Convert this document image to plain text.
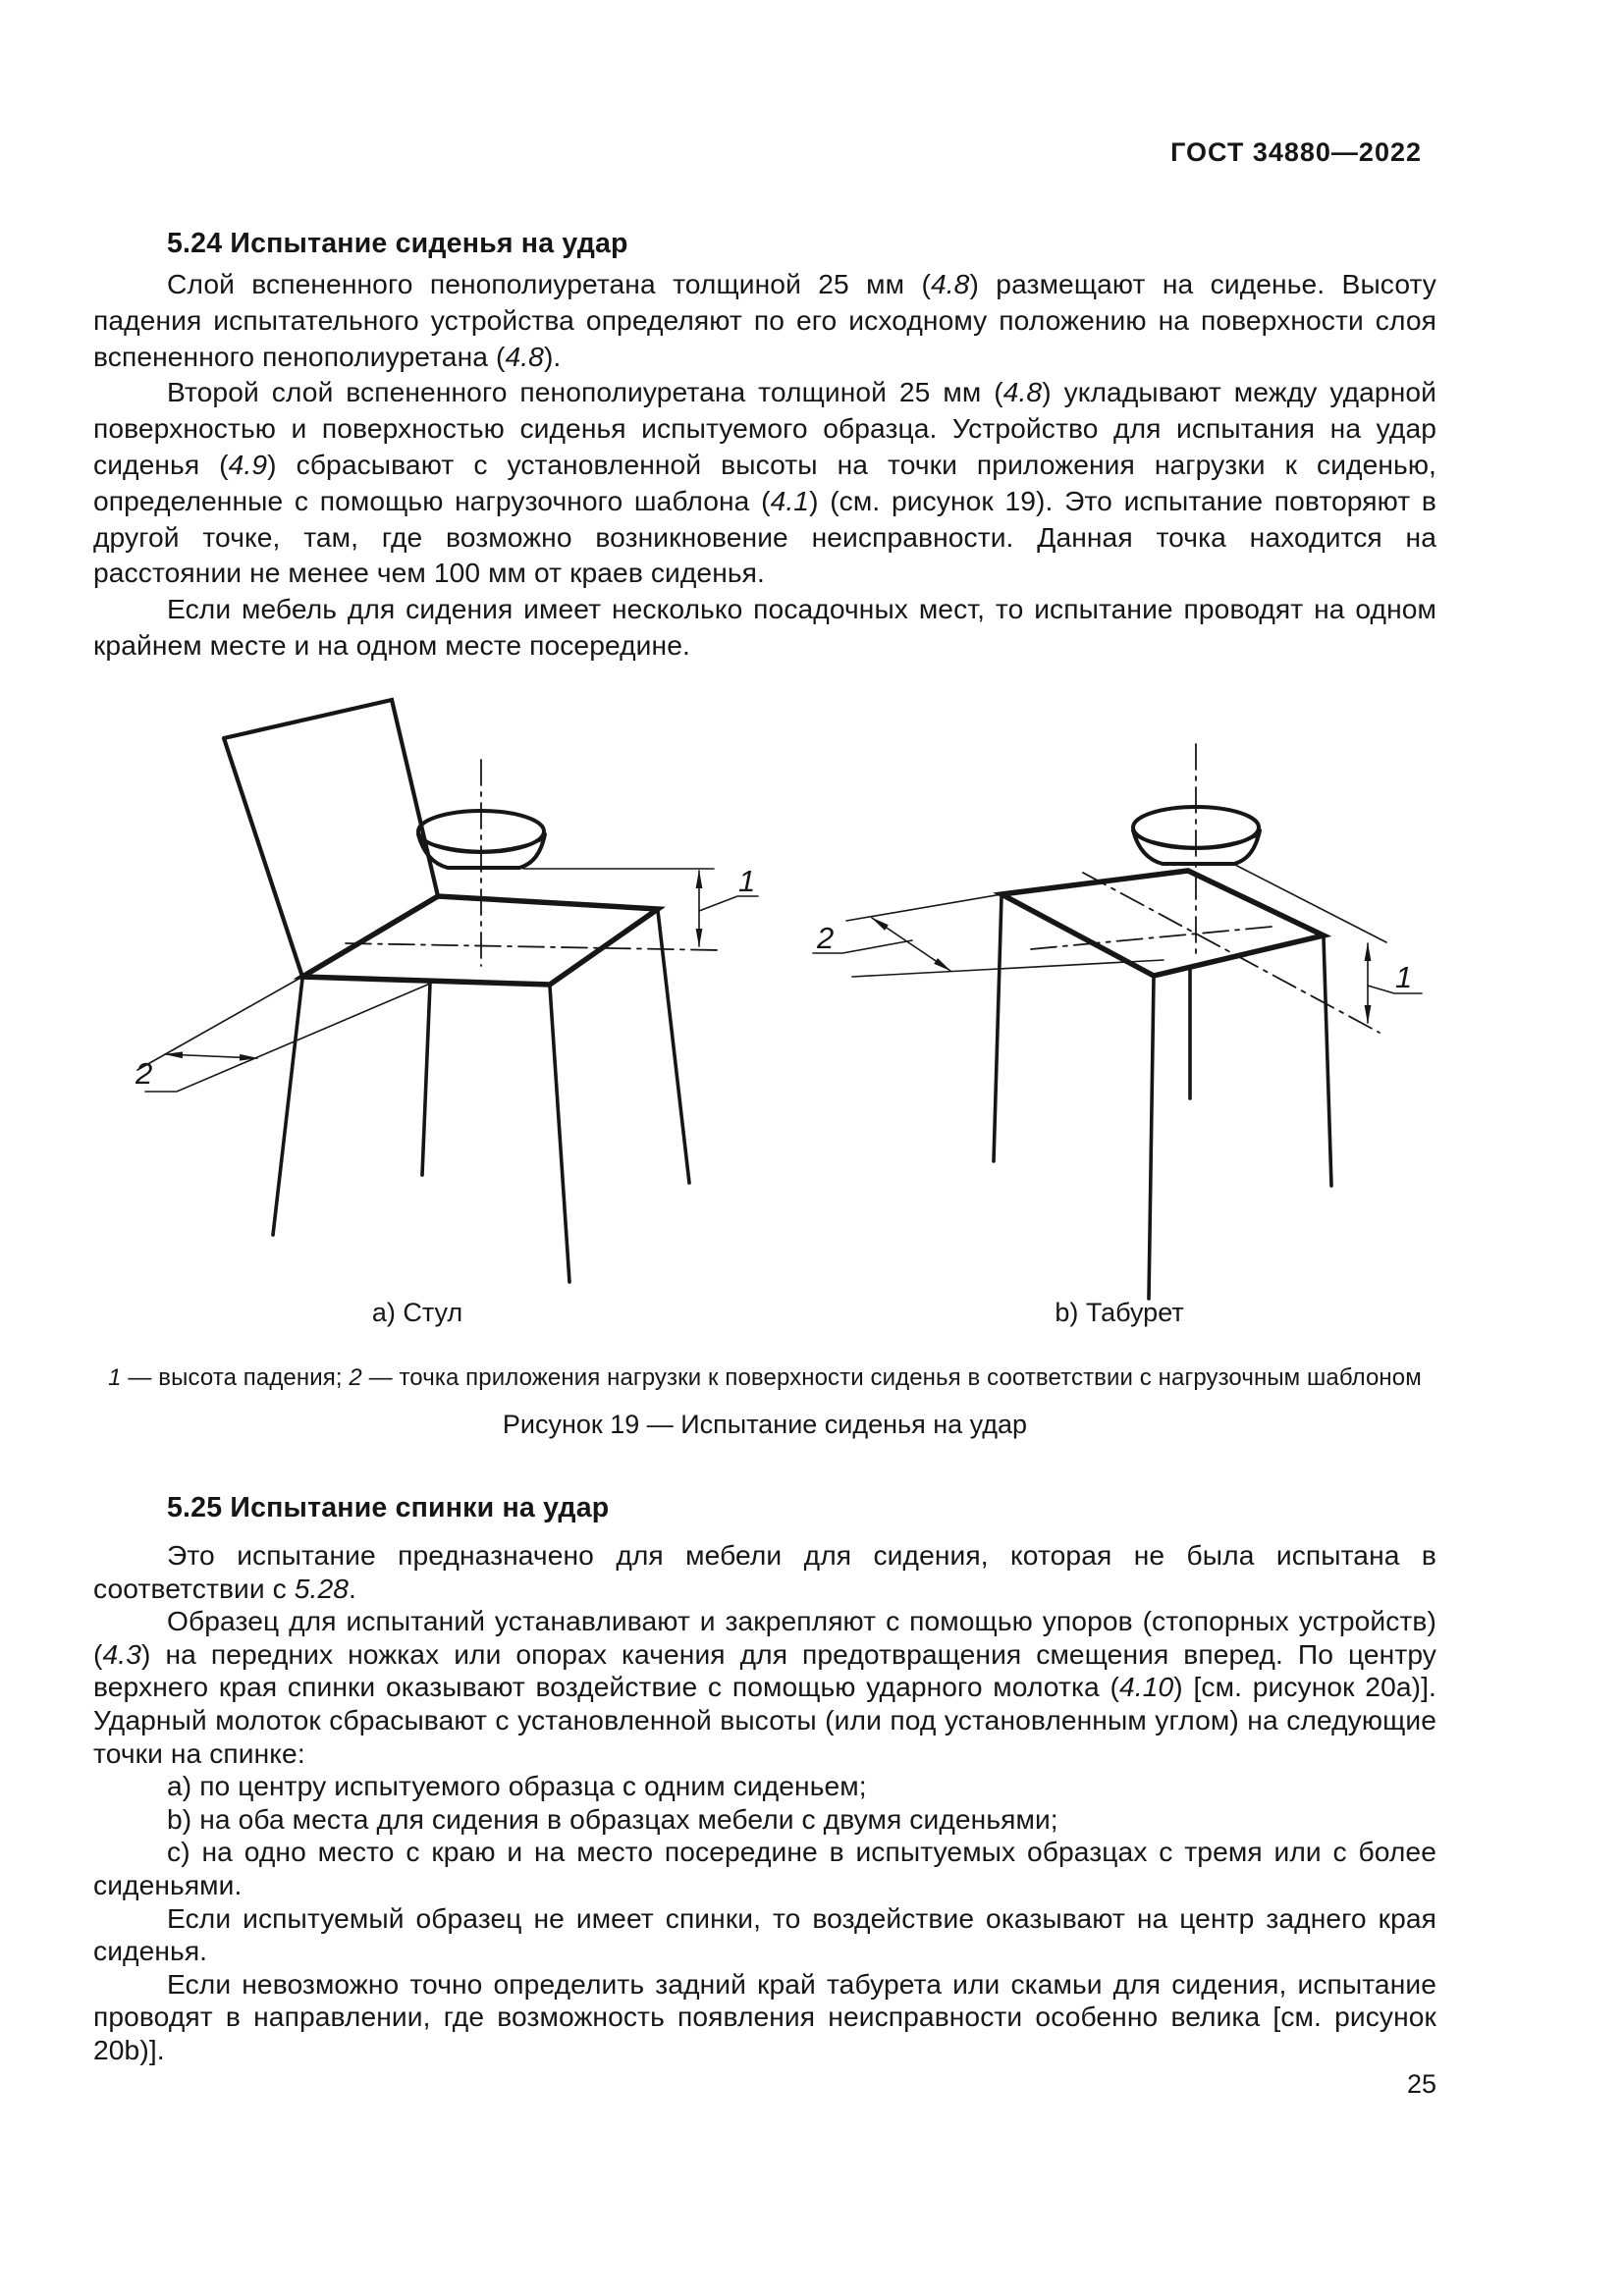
ГОСТ 34880—2022
5.24 Испытание сиденья на удар

Слой вспененного пенополиуретана толщиной 25 мм (4.8) размещают на сиденье. Высоту падения испытательного устройства определяют по его исходному положению на поверхности слоя вспененного пенополиуретана (4.8).

Второй слой вспененного пенополиуретана толщиной 25 мм (4.8) укладывают между ударной поверхностью и поверхностью сиденья испытуемого образца. Устройство для испытания на удар сиденья (4.9) сбрасывают с установленной высоты на точки приложения нагрузки к сиденью, определенные с помощью нагрузочного шаблона (4.1) (см. рисунок 19). Это испытание повторяют в другой точке, там, где возможно возникновение неисправности. Данная точка находится на расстоянии не менее чем 100 мм от краев сиденья.

Если мебель для сидения имеет несколько посадочных мест, то испытание проводят на одном крайнем месте и на одном месте посередине.

1
2
1
2
a) Стул	b) Табурет
1 — высота падения; 2 — точка приложения нагрузки к поверхности сиденья в соответствии с нагрузочным шаблоном
Рисунок 19 — Испытание сиденья на удар
5.25 Испытание спинки на удар

Это испытание предназначено для мебели для сидения, которая не была испытана в соответствии с 5.28.

Образец для испытаний устанавливают и закрепляют с помощью упоров (стопорных устройств) (4.3) на передних ножках или опорах качения для предотвращения смещения вперед. По центру верхнего края спинки оказывают воздействие с помощью ударного молотка (4.10) [см. рисунок 20а)]. Ударный молоток сбрасывают с установленной высоты (или под установленным углом) на следующие точки на спинке:

a) по центру испытуемого образца с одним сиденьем;

b) на оба места для сидения в образцах мебели с двумя сиденьями;

c) на одно место с краю и на место посередине в испытуемых образцах с тремя или с более сиденьями.

Если испытуемый образец не имеет спинки, то воздействие оказывают на центр заднего края сиденья.

Если невозможно точно определить задний край табурета или скамьи для сидения, испытание проводят в направлении, где возможность появления неисправности особенно велика [см. рисунок 20b)].

25
